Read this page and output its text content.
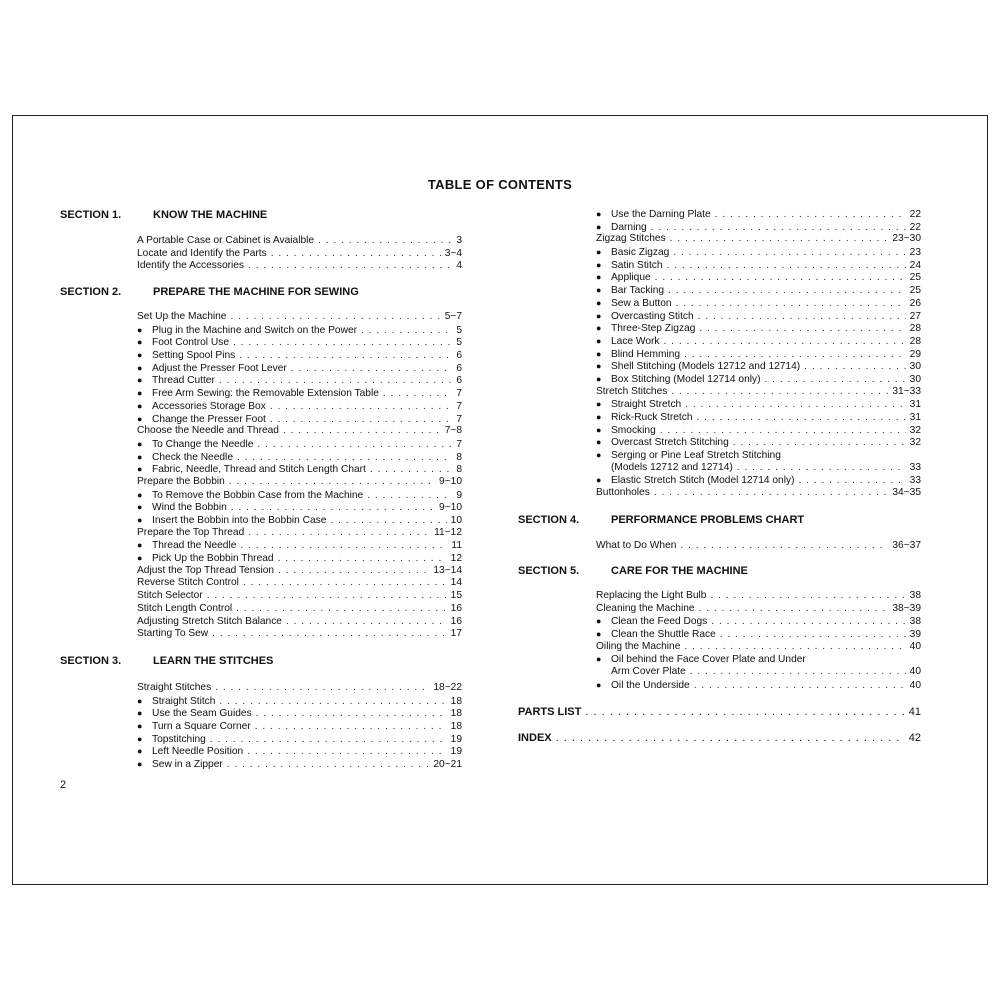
TABLE OF CONTENTS
SECTION 1.	KNOW THE MACHINE
A Portable Case or Cabinet is Avaialble . . .	3
Locate and Identify the Parts . . .	3~4
Identify the Accessories . . .	4
SECTION 2.	PREPARE THE MACHINE FOR SEWING
Set Up the Machine . . .	5~7
● Plug in the Machine and Switch on the Power . . .	5
● Foot Control Use . . .	5
● Setting Spool Pins . . .	6
● Adjust the Presser Foot Lever . . .	6
● Thread Cutter . . .	6
● Free Arm Sewing: the Removable Extension Table . . .	7
● Accessories Storage Box . . .	7
● Change the Presser Foot . . .	7
Choose the Needle and Thread . . .	7~8
● To Change the Needle . . .	7
● Check the Needle . . .	8
● Fabric, Needle, Thread and Stitch Length Chart . . .	8
Prepare the Bobbin . . .	9~10
● To Remove the Bobbin Case from the Machine . . .	9
● Wind the Bobbin . . .	9~10
● Insert the Bobbin into the Bobbin Case . . .	10
Prepare the Top Thread . . .	11~12
● Thread the Needle . . .	11
● Pick Up the Bobbin Thread . . .	12
Adjust the Top Thread Tension . . .	13~14
Reverse Stitch Control . . .	14
Stitch Selector . . .	15
Stitch Length Control . . .	16
Adjusting Stretch Stitch Balance . . .	16
Starting To Sew . . .	17
SECTION 3.	LEARN THE STITCHES
Straight Stitches . . .	18~22
● Straight Stitch . . .	18
● Use the Seam Guides . . .	18
● Turn a Square Corner . . .	18
● Topstitching . . .	19
● Left Needle Position . . .	19
● Sew in a Zipper . . .	20~21
● Use the Darning Plate . . .	22
● Darning . . .	22
Zigzag Stitches . . .	23~30
● Basic Zigzag . . .	23
● Satin Stitch . . .	24
● Applique . . .	25
● Bar Tacking . . .	25
● Sew a Button . . .	26
● Overcasting Stitch . . .	27
● Three-Step Zigzag . . .	28
● Lace Work . . .	28
● Blind Hemming . . .	29
● Shell Stitching (Models 12712 and 12714) . . .	30
● Box Stitching (Model 12714 only) . . .	30
Stretch Stitches . . .	31~33
● Straight Stretch . . .	31
● Rick-Ruck Stretch . . .	31
● Smocking . . .	32
● Overcast Stretch Stitching . . .	32
● Serging or Pine Leaf Stretch Stitching
(Models 12712 and 12714) . . .	33
● Elastic Stretch Stitch (Model 12714 only) . . .	33
Buttonholes . . .	34~35
SECTION 4.	PERFORMANCE PROBLEMS CHART
What to Do When . . .	36~37
SECTION 5.	CARE FOR THE MACHINE
Replacing the Light Bulb . . .	38
Cleaning the Machine . . .	38~39
● Clean the Feed Dogs . . .	38
● Clean the Shuttle Race . . .	39
Oiling the Machine . . .	40
● Oil behind the Face Cover Plate and Under
Arm Cover Plate . . .	40
● Oil the Underside . . .	40
PARTS LIST . . .	41
INDEX . . .	42
2
